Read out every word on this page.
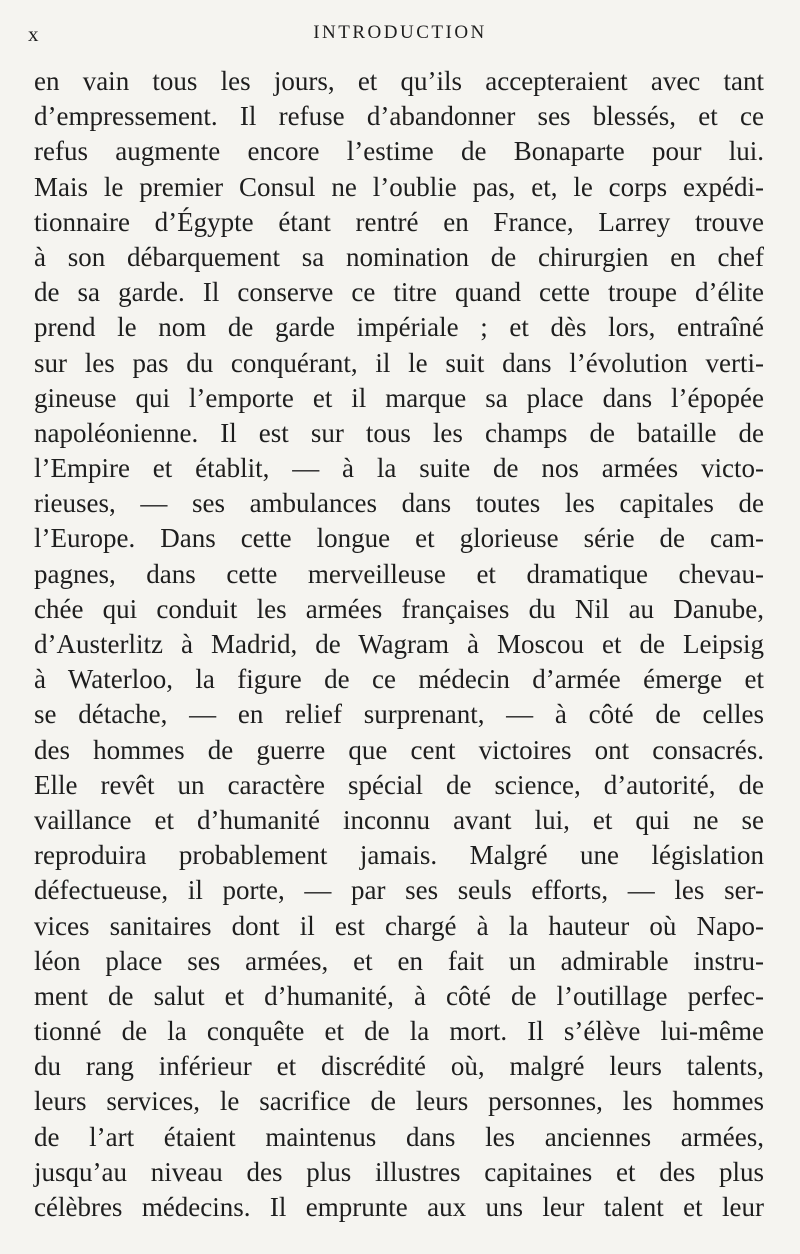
x	INTRODUCTION
en vain tous les jours, et qu’ils accepteraient avec tant
d’empressement. Il refuse d’abandonner ses blessés, et ce
refus augmente encore l’estime de Bonaparte pour lui.
Mais le premier Consul ne l’oublie pas, et, le corps expédi-
tionnaire d’Égypte étant rentré en France, Larrey trouve
à son débarquement sa nomination de chirurgien en chef
de sa garde. Il conserve ce titre quand cette troupe d’élite
prend le nom de garde impériale ; et dès lors, entraîné
sur les pas du conquérant, il le suit dans l’évolution verti-
gineuse qui l’emporte et il marque sa place dans l’épopée
napoléonienne. Il est sur tous les champs de bataille de
l’Empire et établit, — à la suite de nos armées victo-
rieuses, — ses ambulances dans toutes les capitales de
l’Europe. Dans cette longue et glorieuse série de cam-
pagnes, dans cette merveilleuse et dramatique chevau-
chée qui conduit les armées françaises du Nil au Danube,
d’Austerlitz à Madrid, de Wagram à Moscou et de Leipsig
à Waterloo, la figure de ce médecin d’armée émerge et
se détache, — en relief surprenant, — à côté de celles
des hommes de guerre que cent victoires ont consacrés.
Elle revêt un caractère spécial de science, d’autorité, de
vaillance et d’humanité inconnu avant lui, et qui ne se
reproduira probablement jamais. Malgré une législation
défectueuse, il porte, — par ses seuls efforts, — les ser-
vices sanitaires dont il est chargé à la hauteur où Napo-
léon place ses armées, et en fait un admirable instru-
ment de salut et d’humanité, à côté de l’outillage perfec-
tionné de la conquête et de la mort. Il s’élève lui-même
du rang inférieur et discrédité où, malgré leurs talents,
leurs services, le sacrifice de leurs personnes, les hommes
de l’art étaient maintenus dans les anciennes armées,
jusqu’au niveau des plus illustres capitaines et des plus
célèbres médecins. Il emprunte aux uns leur talent et leur
